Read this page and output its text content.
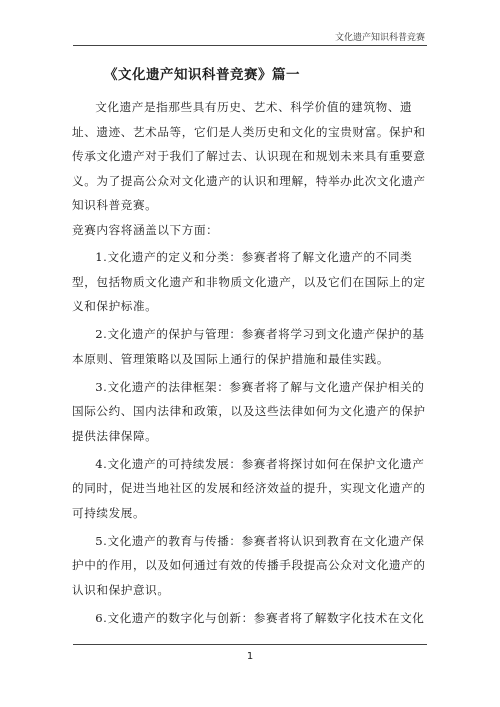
文化遗产知识科普竞赛
《文化遗产知识科普竞赛》篇一

文化遗产是指那些具有历史、艺术、科学价值的建筑物、遗址、遗迹、艺术品等，它们是人类历史和文化的宝贵财富。保护和传承文化遗产对于我们了解过去、认识现在和规划未来具有重要意义。为了提高公众对文化遗产的认识和理解，特举办此次文化遗产知识科普竞赛。

竞赛内容将涵盖以下方面：

1.文化遗产的定义和分类：参赛者将了解文化遗产的不同类型，包括物质文化遗产和非物质文化遗产，以及它们在国际上的定义和保护标准。

2.文化遗产的保护与管理：参赛者将学习到文化遗产保护的基本原则、管理策略以及国际上通行的保护措施和最佳实践。

3.文化遗产的法律框架：参赛者将了解与文化遗产保护相关的国际公约、国内法律和政策，以及这些法律如何为文化遗产的保护提供法律保障。

4.文化遗产的可持续发展：参赛者将探讨如何在保护文化遗产的同时，促进当地社区的发展和经济效益的提升，实现文化遗产的可持续发展。

5.文化遗产的教育与传播：参赛者将认识到教育在文化遗产保护中的作用，以及如何通过有效的传播手段提高公众对文化遗产的认识和保护意识。

6.文化遗产的数字化与创新：参赛者将了解数字化技术在文化

1
